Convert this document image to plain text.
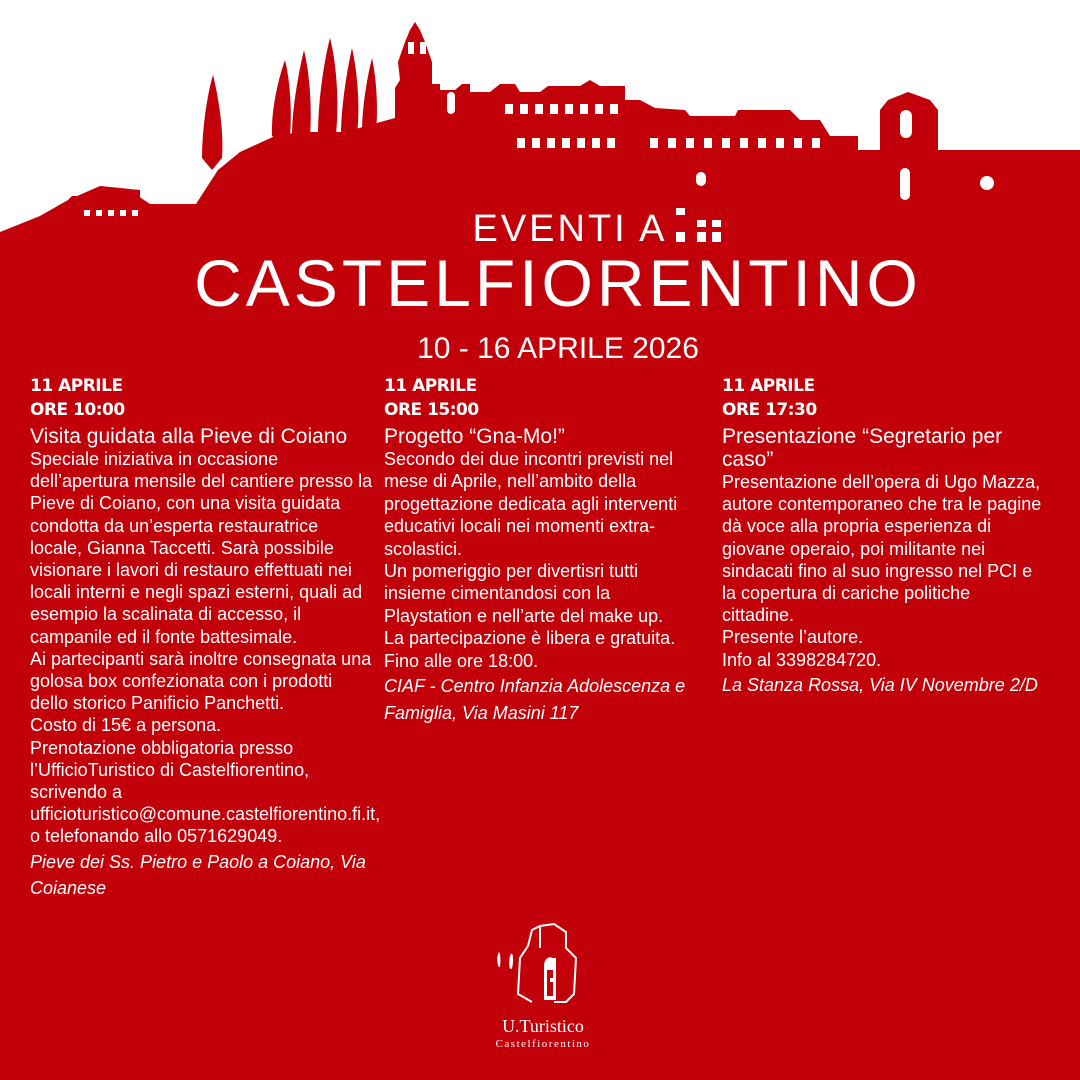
EVENTI A
CASTELFIORENTINO
10 - 16 APRILE 2026
11 APRILE
ORE 10:00
Visita guidata alla Pieve di Coiano
Speciale iniziativa in occasione dell’apertura mensile del cantiere presso la Pieve di Coiano, con una visita guidata condotta da un’esperta restauratrice locale, Gianna Taccetti. Sarà possibile visionare i lavori di restauro effettuati nei locali interni e negli spazi esterni, quali ad esempio la scalinata di accesso, il campanile ed il fonte battesimale.
Ai partecipanti sarà inoltre consegnata una golosa box confezionata con i prodotti dello storico Panificio Panchetti.
Costo di 15€ a persona.
Prenotazione obbligatoria presso l’UfficioTuristico di Castelfiorentino, scrivendo a ufficioturistico@comune.castelfiorentino.fi.it, o telefonando allo 0571629049.
Pieve dei Ss. Pietro e Paolo a Coiano, Via Coianese
11 APRILE
ORE 15:00
Progetto “Gna-Mo!”
Secondo dei due incontri previsti nel mese di Aprile, nell’ambito della progettazione dedicata agli interventi educativi locali nei momenti extra-scolastici.
Un pomeriggio per divertisri tutti insieme cimentandosi con la Playstation e nell’arte del make up.
La partecipazione è libera e gratuita.
Fino alle ore 18:00.
CIAF - Centro Infanzia Adolescenza e Famiglia, Via Masini 117
11 APRILE
ORE 17:30
Presentazione “Segretario per caso”
Presentazione dell’opera di Ugo Mazza, autore contemporaneo che tra le pagine dà voce alla propria esperienza di giovane operaio, poi militante nei sindacati fino al suo ingresso nel PCI e la copertura di cariche politiche cittadine.
Presente l’autore.
Info al 3398284720.
La Stanza Rossa, Via IV Novembre 2/D
U.Turistico
Castelfiorentino
